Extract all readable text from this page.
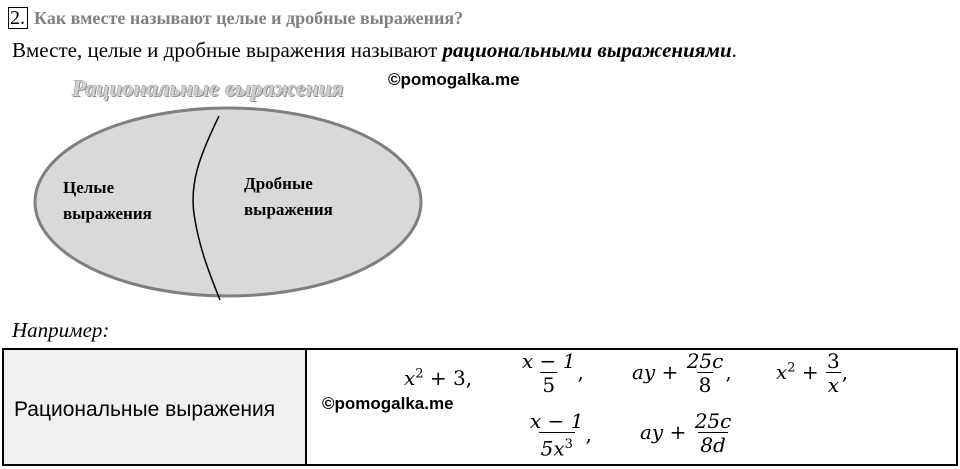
2. Как вместе называют целые и дробные выражения?
Вместе, целые и дробные выражения называют рациональными выражениями.
Рациональные выражения	©pomogalka.me
Целые
выражения
Дробные
выражения
Например:
Рациональные выражения	©pomogalka.me
$x^2 + 3$, $\frac{x - 1}{5}$ , ay + $\frac{25c}{8}$ , $x^2 + \frac{3}{x}$ ,
$\frac{x - 1}{5x^3}$ , ay + $\frac{25c}{8d}$
